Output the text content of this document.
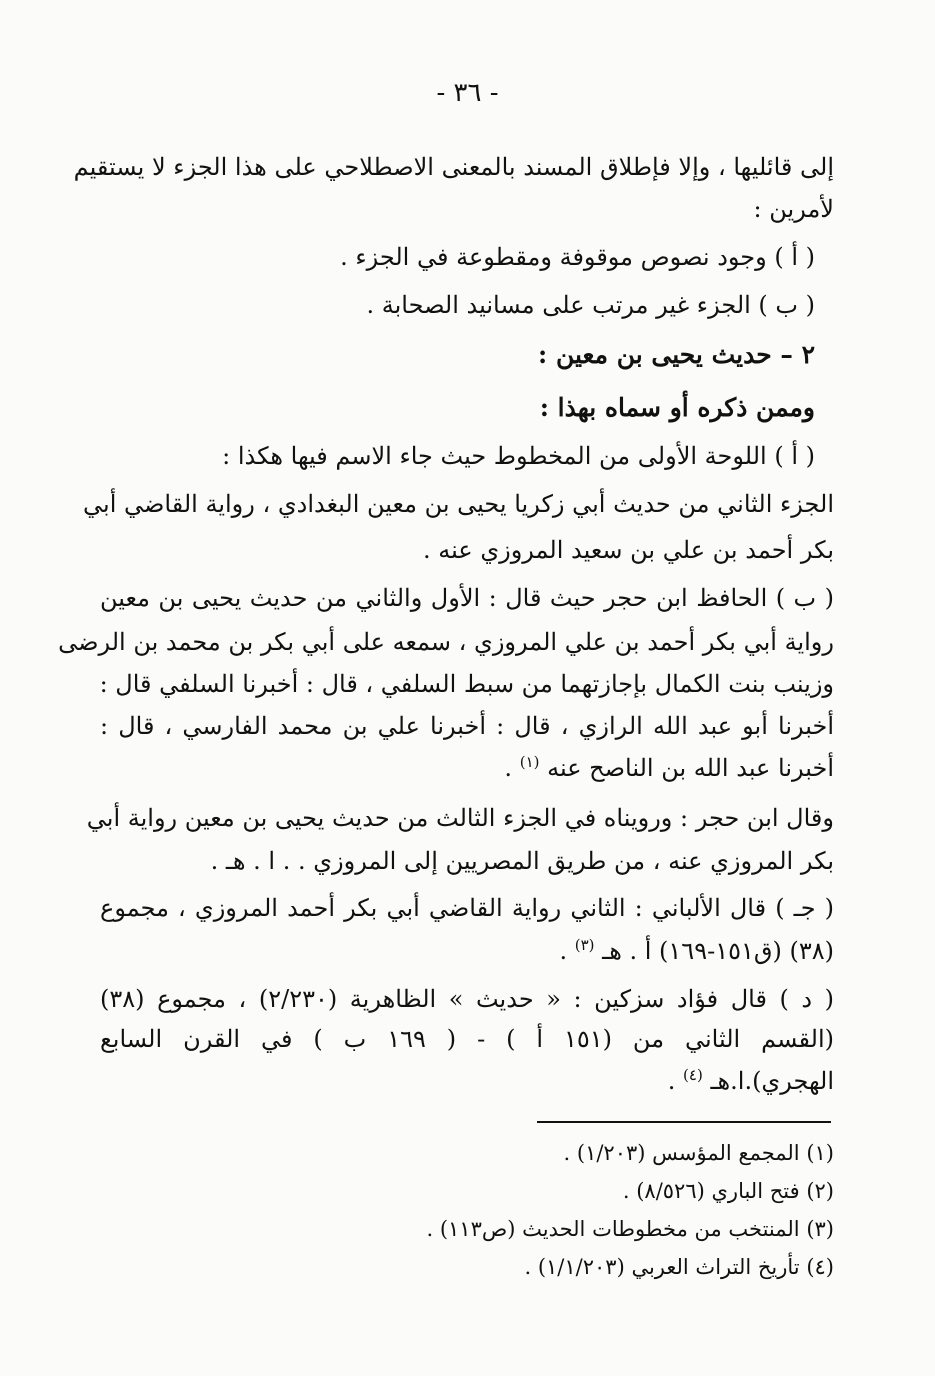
- ٣٦ -
إلى قائليها ، وإلا فإطلاق المسند بالمعنى الاصطلاحي على هذا الجزء لا يستقيم
لأمرين :
( أ ) وجود نصوص موقوفة ومقطوعة في الجزء .
( ب ) الجزء غير مرتب على مسانيد الصحابة .
٢ – حديث يحيى بن معين :
وممن ذكره أو سماه بهذا :
( أ ) اللوحة الأولى من المخطوط حيث جاء الاسم فيها هكذا :
الجزء الثاني من حديث أبي زكريا يحيى بن معين البغدادي ، رواية القاضي أبي
بكر أحمد بن علي بن سعيد المروزي عنه .
( ب ) الحافظ ابن حجر حيث قال : الأول والثاني من حديث يحيى بن معين
رواية أبي بكر أحمد بن علي المروزي ، سمعه على أبي بكر بن محمد بن الرضى
وزينب بنت الكمال بإجازتهما من سبط السلفي ، قال : أخبرنا السلفي قال :
أخبرنا أبو عبد الله الرازي ، قال : أخبرنا علي بن محمد الفارسي ، قال :
أخبرنا عبد الله بن الناصح عنه $^{(١)}$ .
وقال ابن حجر : ورويناه في الجزء الثالث من حديث يحيى بن معين رواية أبي
بكر المروزي عنه ، من طريق المصريين إلى المروزي . . ا . هـ .
( جـ ) قال الألباني : الثاني رواية القاضي أبي بكر أحمد المروزي ، مجموع
(٣٨) (ق١٥١-١٦٩) أ . هـ $^{(٣)}$ .
( د ) قال فؤاد سزكين : « حديث » الظاهرية (٢/٢٣٠) ، مجموع (٣٨)
(القسم الثاني من (١٥١ أ ) - ( ١٦٩ ب ) في القرن السابع
الهجري).ا.هـ $^{(٤)}$ .
(١) المجمع المؤسس (١/٢٠٣) .
(٢) فتح الباري (٨/٥٢٦) .
(٣) المنتخب من مخطوطات الحديث (ص١١٣) .
(٤) تأريخ التراث العربي (١/١/٢٠٣) .
